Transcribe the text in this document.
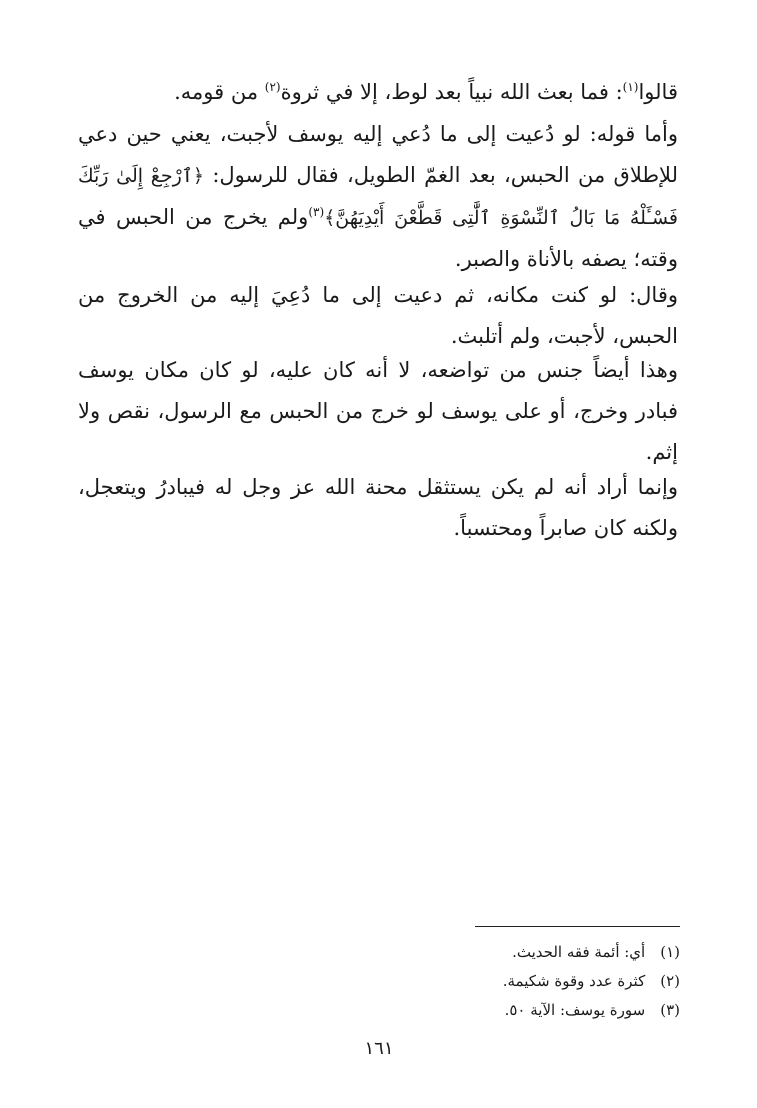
قالوا$^{(١)}$: فما بعث الله نبياً بعد لوط، إلا في ثروة$^{(٢)}$ من قومه.

وأما قوله: لو دُعيت إلى ما دُعي إليه يوسف لأجبت، يعني حين دعي للإطلاق من الحبس، بعد الغمّ الطويل، فقال للرسول: ﴿ٱرْجِعْ إِلَىٰ رَبِّكَ فَسْـَٔلْهُ مَا بَالُ ٱلنِّسْوَةِ ٱلَّٰتِى قَطَّعْنَ أَيْدِيَهُنَّ﴾$^{(٣)}$ولم يخرج من الحبس في وقته؛ يصفه بالأناة والصبر.

وقال: لو كنت مكانه، ثم دعيت إلى ما دُعِيَ إليه من الخروج من الحبس، لأجبت، ولم أتلبث.

وهذا أيضاً جنس من تواضعه، لا أنه كان عليه، لو كان مكان يوسف فبادر وخرج، أو على يوسف لو خرج من الحبس مع الرسول، نقص ولا إثم.

وإنما أراد أنه لم يكن يستثقل محنة الله عز وجل له فيبادرُ ويتعجل، ولكنه كان صابراً ومحتسباً.

(١) أي: أئمة فقه الحديث.
(٢) كثرة عدد وقوة شكيمة.
(٣) سورة يوسف: الآية ٥٠.
١٦١
